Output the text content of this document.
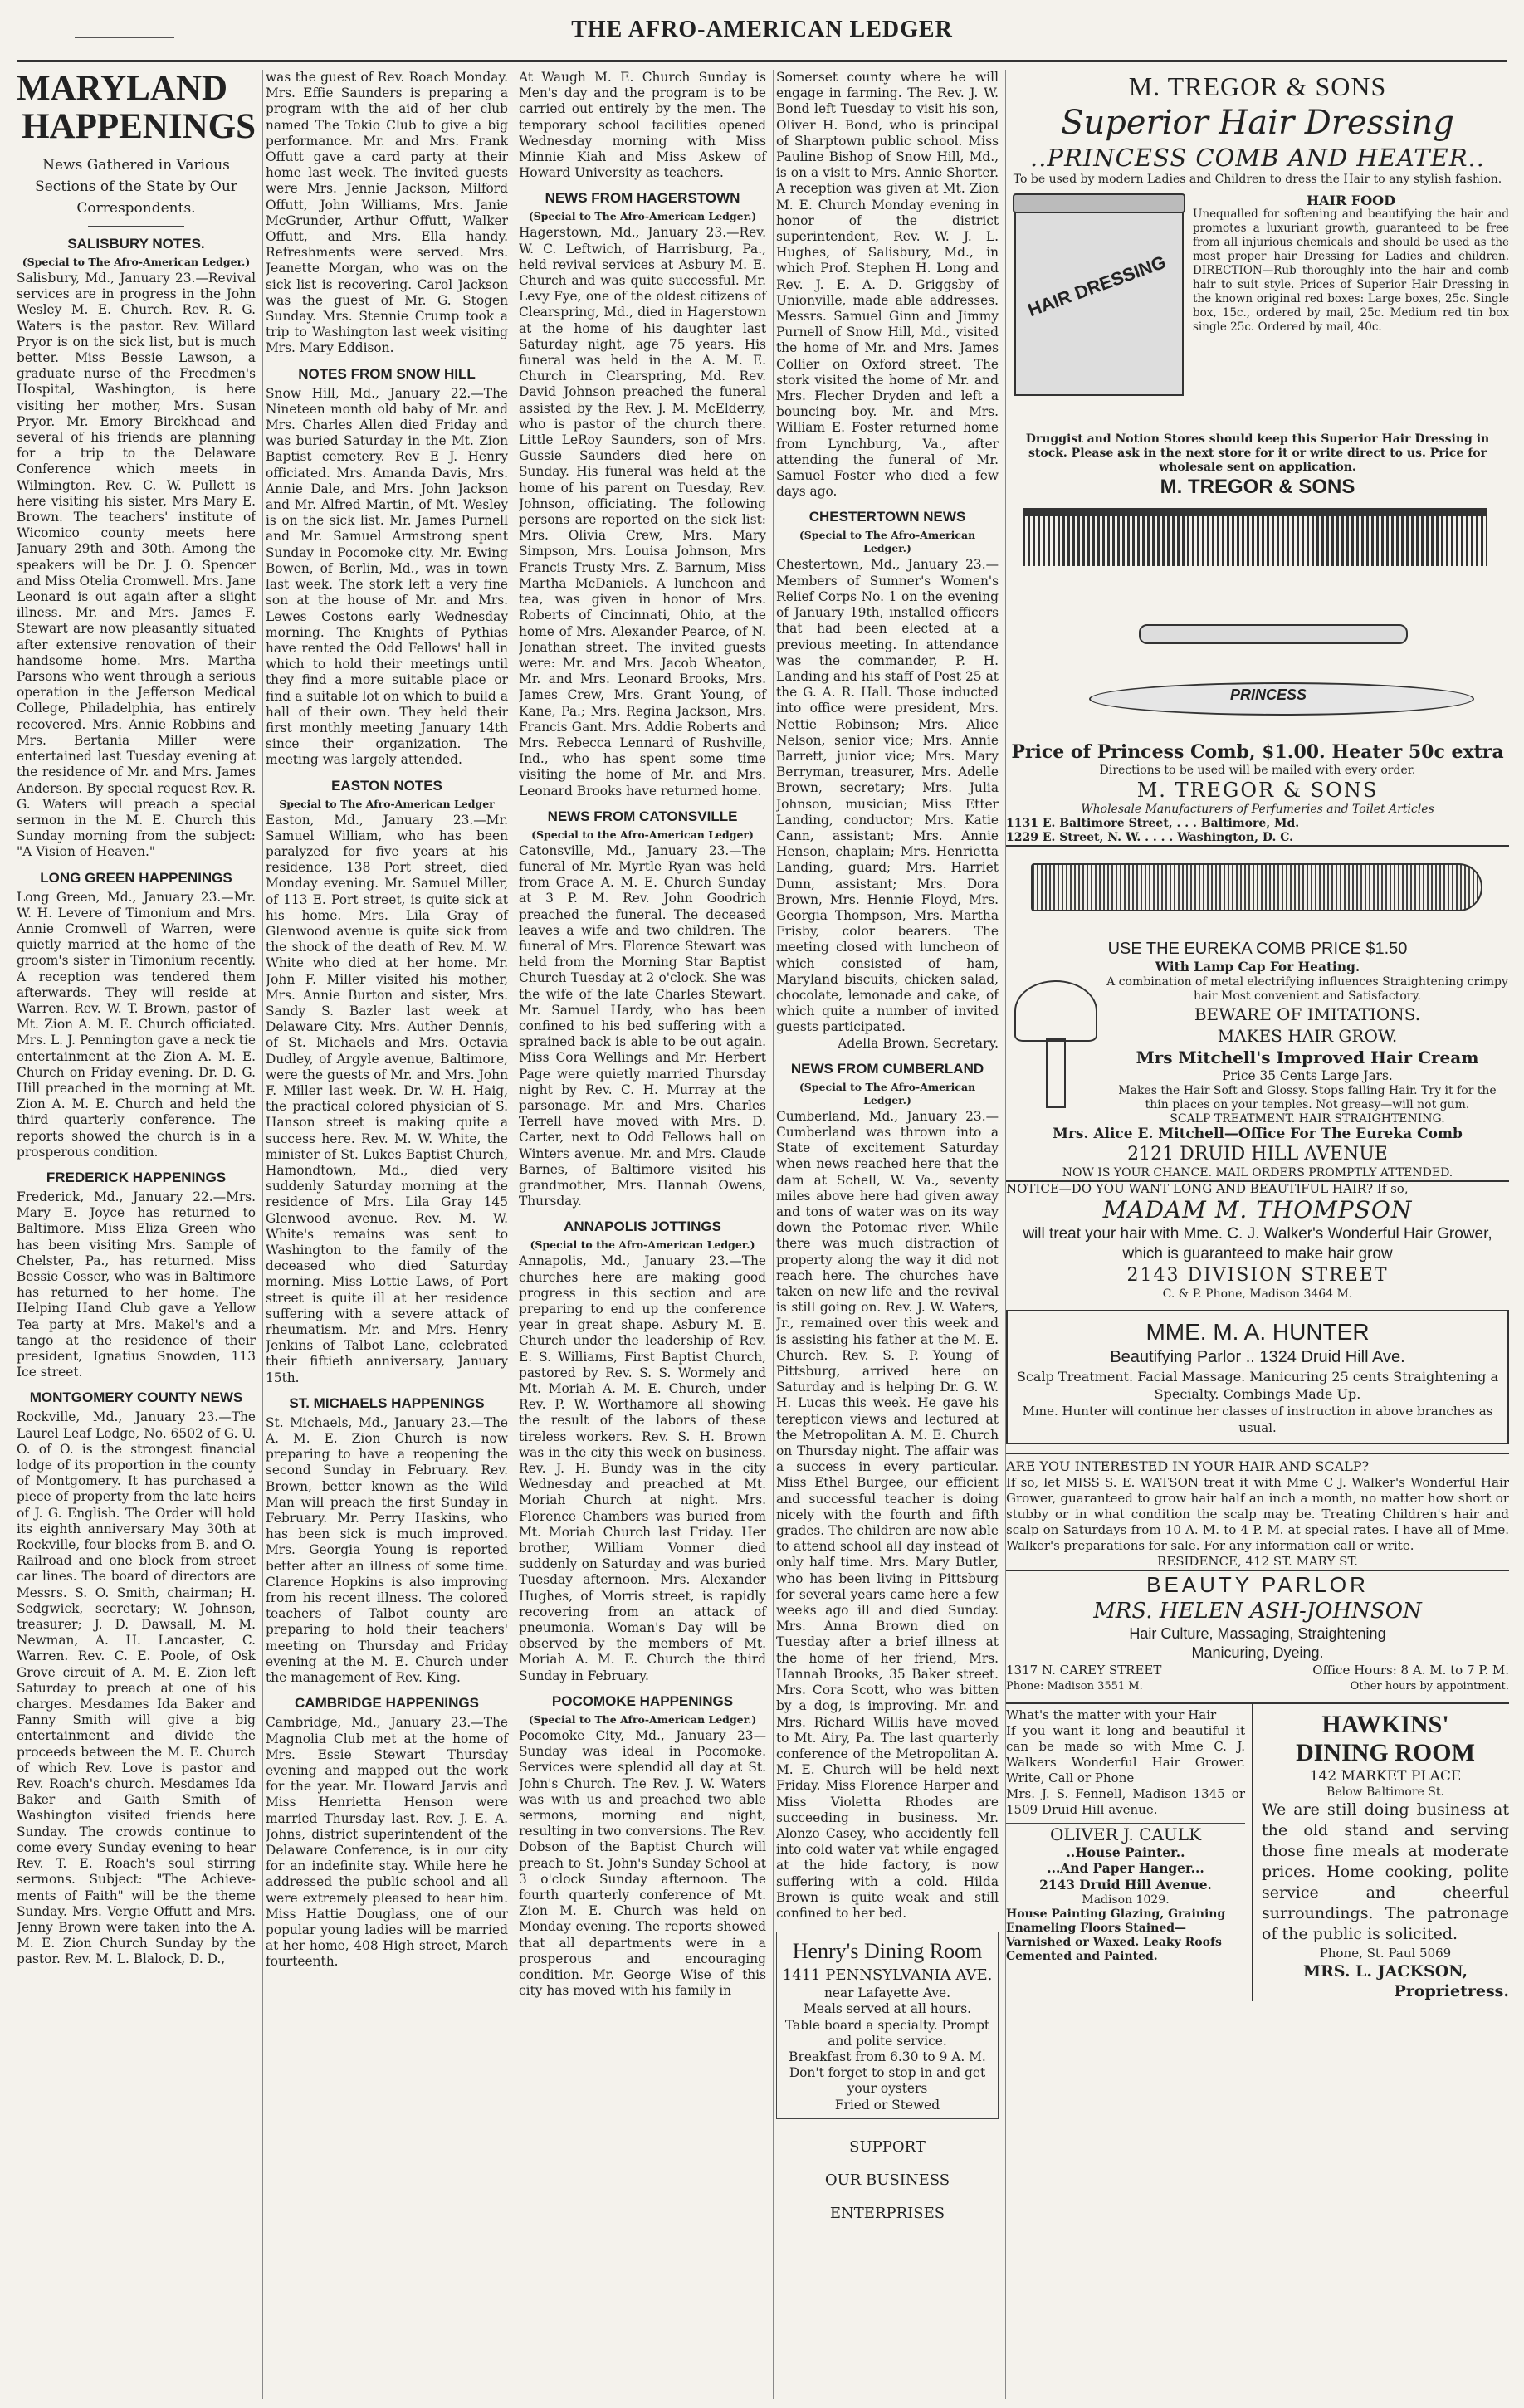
THE AFRO-AMERICAN LEDGER
MARYLAND
HAPPENINGS
News Gathered in Various Sections of the State by Our Correspondents.
SALISBURY NOTES.
(Special to The Afro-American Ledger.)

Salisbury, Md., January 23.—Revival services are in progress in the John Wesley M. E. Church. Rev. R. G. Waters is the pastor. Rev. Willard Pryor is on the sick list, but is much better. Miss Bessie Lawson, a graduate nurse of the Freedmen's Hospital, Washington, is here visiting her mother, Mrs. Susan Pryor. Mr. Emory Birckhead and several of his friends are planning for a trip to the Delaware Conference which meets in Wilmington. Rev. C. W. Pullett is here visiting his sister, Mrs Mary E. Brown. The teachers' institute of Wicomico county meets here January 29th and 30th. Among the speakers will be Dr. J. O. Spencer and Miss Otelia Cromwell. Mrs. Jane Leonard is out again after a slight illness. Mr. and Mrs. James F. Stewart are now pleasantly situated after extensive renovation of their handsome home. Mrs. Martha Parsons who went through a serious operation in the Jefferson Medical College, Philadelphia, has entirely recovered. Mrs. Annie Robbins and Mrs. Bertania Miller were entertained last Tuesday evening at the residence of Mr. and Mrs. James Anderson. By special request Rev. R. G. Waters will preach a special sermon in the M. E. Church this Sunday morning from the subject: "A Vision of Heaven."

LONG GREEN HAPPENINGS

Long Green, Md., January 23.—Mr. W. H. Levere of Timonium and Mrs. Annie Cromwell of Warren, were quietly married at the home of the groom's sister in Timonium recently. A reception was tendered them afterwards. They will reside at Warren. Rev. W. T. Brown, pastor of Mt. Zion A. M. E. Church officiated. Mrs. L. J. Pennington gave a neck tie entertainment at the Zion A. M. E. Church on Friday evening. Dr. D. G. Hill preached in the morning at Mt. Zion A. M. E. Church and held the third quarterly conference. The reports showed the church is in a prosperous condition.

FREDERICK HAPPENINGS

Frederick, Md., January 22.—Mrs. Mary E. Joyce has returned to Baltimore. Miss Eliza Green who has been visiting Mrs. Sample of Chelster, Pa., has returned. Miss Bessie Cosser, who was in Baltimore has returned to her home. The Helping Hand Club gave a Yellow Tea party at Mrs. Makel's and a tango at the residence of their president, Ignatius Snowden, 113 Ice street.

MONTGOMERY COUNTY NEWS

Rockville, Md., January 23.—The Laurel Leaf Lodge, No. 6502 of G. U. O. of O. is the strongest financial lodge of its proportion in the county of Montgomery. It has purchased a piece of property from the late heirs of J. G. English. The Order will hold its eighth anniversary May 30th at Rockville, four blocks from B. and O. Railroad and one block from street car lines. The board of directors are Messrs. S. O. Smith, chairman; H. Sedgwick, secretary; W. Johnson, treasurer; J. D. Dawsall, M. M. Newman, A. H. Lancaster, C. Warren. Rev. C. E. Poole, of Osk Grove circuit of A. M. E. Zion left Saturday to preach at one of his charges. Mesdames Ida Baker and Fanny Smith will give a big entertainment and divide the proceeds between the M. E. Church of which Rev. Love is pastor and Rev. Roach's church. Mesdames Ida Baker and Gaith Smith of Washington visited friends here Sunday. The crowds continue to come every Sunday evening to hear Rev. T. E. Roach's soul stirring sermons. Subject: "The Achieve-ments of Faith" will be the theme Sunday. Mrs. Vergie Offutt and Mrs. Jenny Brown were taken into the A. M. E. Zion Church Sunday by the pastor. Rev. M. L. Blalock, D. D.,

was the guest of Rev. Roach Monday. Mrs. Effie Saunders is preparing a program with the aid of her club named The Tokio Club to give a big performance. Mr. and Mrs. Frank Offutt gave a card party at their home last week. The invited guests were Mrs. Jennie Jackson, Milford Offutt, John Williams, Mrs. Janie McGrunder, Arthur Offutt, Walker Offutt, and Mrs. Ella handy. Refreshments were served. Mrs. Jeanette Morgan, who was on the sick list is recovering. Carol Jackson was the guest of Mr. G. Stogen Sunday. Mrs. Stennie Crump took a trip to Washington last week visiting Mrs. Mary Eddison.

NOTES FROM SNOW HILL

Snow Hill, Md., January 22.—The Nineteen month old baby of Mr. and Mrs. Charles Allen died Friday and was buried Saturday in the Mt. Zion Baptist cemetery. Rev E J. Henry officiated. Mrs. Amanda Davis, Mrs. Annie Dale, and Mrs. John Jackson and Mr. Alfred Martin, of Mt. Wesley is on the sick list. Mr. James Purnell and Mr. Samuel Armstrong spent Sunday in Pocomoke city. Mr. Ewing Bowen, of Berlin, Md., was in town last week. The stork left a very fine son at the house of Mr. and Mrs. Lewes Costons early Wednesday morning. The Knights of Pythias have rented the Odd Fellows' hall in which to hold their meetings until they find a more suitable place or find a suitable lot on which to build a hall of their own. They held their first monthly meeting January 14th since their organization. The meeting was largely attended.

EASTON NOTES
Special to The Afro-American Ledger

Easton, Md., January 23.—Mr. Samuel William, who has been paralyzed for five years at his residence, 138 Port street, died Monday evening. Mr. Samuel Miller, of 113 E. Port street, is quite sick at his home. Mrs. Lila Gray of Glenwood avenue is quite sick from the shock of the death of Rev. M. W. White who died at her home. Mr. John F. Miller visited his mother, Mrs. Annie Burton and sister, Mrs. Sandy S. Bazler last week at Delaware City. Mrs. Auther Dennis, of St. Michaels and Mrs. Octavia Dudley, of Argyle avenue, Baltimore, were the guests of Mr. and Mrs. John F. Miller last week. Dr. W. H. Haig, the practical colored physician of S. Hanson street is making quite a success here. Rev. M. W. White, the minister of St. Lukes Baptist Church, Hamondtown, Md., died very suddenly Saturday morning at the residence of Mrs. Lila Gray 145 Glenwood avenue. Rev. M. W. White's remains was sent to Washington to the family of the deceased who died Saturday morning. Miss Lottie Laws, of Port street is quite ill at her residence suffering with a severe attack of rheumatism. Mr. and Mrs. Henry Jenkins of Talbot Lane, celebrated their fiftieth anniversary, January 15th.

ST. MICHAELS HAPPENINGS

St. Michaels, Md., January 23.—The A. M. E. Zion Church is now preparing to have a reopening the second Sunday in February. Rev. Brown, better known as the Wild Man will preach the first Sunday in February. Mr. Perry Haskins, who has been sick is much improved. Mrs. Georgia Young is reported better after an illness of some time. Clarence Hopkins is also improving from his recent illness. The colored teachers of Talbot county are preparing to hold their teachers' meeting on Thursday and Friday evening at the M. E. Church under the management of Rev. King.

CAMBRIDGE HAPPENINGS

Cambridge, Md., January 23.—The Magnolia Club met at the home of Mrs. Essie Stewart Thursday evening and mapped out the work for the year. Mr. Howard Jarvis and Miss Henrietta Henson were married Thursday last. Rev. J. E. A. Johns, district superintendent of the Delaware Conference, is in our city for an indefinite stay. While here he addressed the public school and all were extremely pleased to hear him. Miss Hattie Douglass, one of our popular young ladies will be married at her home, 408 High street, March fourteenth.

At Waugh M. E. Church Sunday is Men's day and the program is to be carried out entirely by the men. The temporary school facilities opened Wednesday morning with Miss Minnie Kiah and Miss Askew of Howard University as teachers.

NEWS FROM HAGERSTOWN
(Special to The Afro-American Ledger.)

Hagerstown, Md., January 23.—Rev. W. C. Leftwich, of Harrisburg, Pa., held revival services at Asbury M. E. Church and was quite successful. Mr. Levy Fye, one of the oldest citizens of Clearspring, Md., died in Hagerstown at the home of his daughter last Saturday night, age 75 years. His funeral was held in the A. M. E. Church in Clearspring, Md. Rev. David Johnson preached the funeral assisted by the Rev. J. M. McElderry, who is pastor of the church there. Little LeRoy Saunders, son of Mrs. Gussie Saunders died here on Sunday. His funeral was held at the home of his parent on Tuesday, Rev. Johnson, officiating. The following persons are reported on the sick list: Mrs. Olivia Crew, Mrs. Mary Simpson, Mrs. Louisa Johnson, Mrs Francis Trusty Mrs. Z. Barnum, Miss Martha McDaniels. A luncheon and tea, was given in honor of Mrs. Roberts of Cincinnati, Ohio, at the home of Mrs. Alexander Pearce, of N. Jonathan street. The invited guests were: Mr. and Mrs. Jacob Wheaton, Mr. and Mrs. Leonard Brooks, Mrs. James Crew, Mrs. Grant Young, of Kane, Pa.; Mrs. Regina Jackson, Mrs. Francis Gant. Mrs. Addie Roberts and Mrs. Rebecca Lennard of Rushville, Ind., who has spent some time visiting the home of Mr. and Mrs. Leonard Brooks have returned home.

NEWS FROM CATONSVILLE
(Special to the Afro-American Ledger)

Catonsville, Md., January 23.—The funeral of Mr. Myrtle Ryan was held from Grace A. M. E. Church Sunday at 3 P. M. Rev. John Goodrich preached the funeral. The deceased leaves a wife and two children. The funeral of Mrs. Florence Stewart was held from the Morning Star Baptist Church Tuesday at 2 o'clock. She was the wife of the late Charles Stewart. Mr. Samuel Hardy, who has been confined to his bed suffering with a sprained back is able to be out again. Miss Cora Wellings and Mr. Herbert Page were quietly married Thursday night by Rev. C. H. Murray at the parsonage. Mr. and Mrs. Charles Terrell have moved with Mrs. D. Carter, next to Odd Fellows hall on Winters avenue. Mr. and Mrs. Claude Barnes, of Baltimore visited his grandmother, Mrs. Hannah Owens, Thursday.

ANNAPOLIS JOTTINGS
(Special to the Afro-American Ledger.)

Annapolis, Md., January 23.—The churches here are making good progress in this section and are preparing to end up the conference year in great shape. Asbury M. E. Church under the leadership of Rev. E. S. Williams, First Baptist Church, pastored by Rev. S. S. Wormely and Mt. Moriah A. M. E. Church, under Rev. P. W. Worthamore all showing the result of the labors of these tireless workers. Rev. S. H. Brown was in the city this week on business. Rev. J. H. Bundy was in the city Wednesday and preached at Mt. Moriah Church at night. Mrs. Florence Chambers was buried from Mt. Moriah Church last Friday. Her brother, William Vonner died suddenly on Saturday and was buried Tuesday afternoon. Mrs. Alexander Hughes, of Morris street, is rapidly recovering from an attack of pneumonia. Woman's Day will be observed by the members of Mt. Moriah A. M. E. Church the third Sunday in February.

POCOMOKE HAPPENINGS
(Special to The Afro-American Ledger.)

Pocomoke City, Md., January 23—Sunday was ideal in Pocomoke. Services were splendid all day at St. John's Church. The Rev. J. W. Waters was with us and preached two able sermons, morning and night, resulting in two conversions. The Rev. Dobson of the Baptist Church will preach to St. John's Sunday School at 3 o'clock Sunday afternoon. The fourth quarterly conference of Mt. Zion M. E. Church was held on Monday evening. The reports showed that all departments were in a prosperous and encouraging condition. Mr. George Wise of this city has moved with his family in

Somerset county where he will engage in farming. The Rev. J. W. Bond left Tuesday to visit his son, Oliver H. Bond, who is principal of Sharptown public school. Miss Pauline Bishop of Snow Hill, Md., is on a visit to Mrs. Annie Shorter. A reception was given at Mt. Zion M. E. Church Monday evening in honor of the district superintendent, Rev. W. J. L. Hughes, of Salisbury, Md., in which Prof. Stephen H. Long and Rev. J. E. A. D. Griggsby of Unionville, made able addresses. Messrs. Samuel Ginn and Jimmy Purnell of Snow Hill, Md., visited the home of Mr. and Mrs. James Collier on Oxford street. The stork visited the home of Mr. and Mrs. Flecher Dryden and left a bouncing boy. Mr. and Mrs. William E. Foster returned home from Lynchburg, Va., after attending the funeral of Mr. Samuel Foster who died a few days ago.

CHESTERTOWN NEWS
(Special to The Afro-American Ledger.)

Chestertown, Md., January 23.—Members of Sumner's Women's Relief Corps No. 1 on the evening of January 19th, installed officers that had been elected at a previous meeting. In attendance was the commander, P. H. Landing and his staff of Post 25 at the G. A. R. Hall. Those inducted into office were president, Mrs. Nettie Robinson; Mrs. Alice Nelson, senior vice; Mrs. Annie Barrett, junior vice; Mrs. Mary Berryman, treasurer, Mrs. Adelle Brown, secretary; Mrs. Julia Johnson, musician; Miss Etter Landing, conductor; Mrs. Katie Cann, assistant; Mrs. Annie Henson, chaplain; Mrs. Henrietta Landing, guard; Mrs. Harriet Dunn, assistant; Mrs. Dora Brown, Mrs. Hennie Floyd, Mrs. Georgia Thompson, Mrs. Martha Frisby, color bearers. The meeting closed with luncheon of which consisted of ham, Maryland biscuits, chicken salad, chocolate, lemonade and cake, of which quite a number of invited guests participated.

Adella Brown, Secretary.

NEWS FROM CUMBERLAND
(Special to The Afro-American Ledger.)

Cumberland, Md., January 23.—Cumberland was thrown into a State of excitement Saturday when news reached here that the dam at Schell, W. Va., seventy miles above here had given away and tons of water was on its way down the Potomac river. While there was much distraction of property along the way it did not reach here. The churches have taken on new life and the revival is still going on. Rev. J. W. Waters, Jr., remained over this week and is assisting his father at the M. E. Church. Rev. S. P. Young of Pittsburg, arrived here on Saturday and is helping Dr. G. W. H. Lucas this week. He gave his terepticon views and lectured at the Metropolitan A. M. E. Church on Thursday night. The affair was a success in every particular. Miss Ethel Burgee, our efficient and successful teacher is doing nicely with the fourth and fifth grades. The children are now able to attend school all day instead of only half time. Mrs. Mary Butler, who has been living in Pittsburg for several years came here a few weeks ago ill and died Sunday. Mrs. Anna Brown died on Tuesday after a brief illness at the home of her friend, Mrs. Hannah Brooks, 35 Baker street. Mrs. Cora Scott, who was bitten by a dog, is improving. Mr. and Mrs. Richard Willis have moved to Mt. Airy, Pa. The last quarterly conference of the Metropolitan A. M. E. Church will be held next Friday. Miss Florence Harper and Miss Violetta Rhodes are succeeding in business. Mr. Alonzo Casey, who accidently fell into cold water vat while engaged at the hide factory, is now suffering with a cold. Hilda Brown is quite weak and still confined to her bed.

Henry's Dining Room
1411 PENNSYLVANIA AVE.
near Lafayette Ave.
Meals served at all hours.
Table board a specialty. Prompt and polite service.
Breakfast from 6.30 to 9 A. M.
Don't forget to stop in and get your oysters
Fried or Stewed
SUPPORT
OUR BUSINESS
ENTERPRISES
M. TREGOR & SONS
Superior Hair Dressing
..PRINCESS COMB AND HEATER..
To be used by modern Ladies and Children to dress the Hair to any stylish fashion.
HAIR DRESSING
HAIR FOOD
Unequalled for softening and beautifying the hair and promotes a luxuriant growth, guaranteed to be free from all injurious chemicals and should be used as the most proper hair Dressing for Ladies and children. DIRECTION—Rub thoroughly into the hair and comb hair to suit style. Prices of Superior Hair Dressing in the known original red boxes: Large boxes, 25c. Single box, 15c., ordered by mail, 25c. Medium red tin box single 25c. Ordered by mail, 40c.
Druggist and Notion Stores should keep this Superior Hair Dressing in stock. Please ask in the next store for it or write direct to us. Price for wholesale sent on application.
M. TREGOR & SONS
PRINCESS
Price of Princess Comb, $1.00. Heater 50c extra
Directions to be used will be mailed with every order.
M. TREGOR & SONS
Wholesale Manufacturers of Perfumeries and Toilet Articles
1131 E. Baltimore Street, . . . Baltimore, Md.
1229 E. Street, N. W. . . . . Washington, D. C.
USE THE EUREKA COMB PRICE $1.50
With Lamp Cap For Heating.
A combination of metal electrifying influences Straightening crimpy hair Most convenient and Satisfactory.
BEWARE OF IMITATIONS.
MAKES HAIR GROW.
Mrs Mitchell's Improved Hair Cream
Price 35 Cents Large Jars.
Makes the Hair Soft and Glossy. Stops falling Hair. Try it for the thin places on your temples. Not greasy—will not gum.
SCALP TREATMENT. HAIR STRAIGHTENING.
Mrs. Alice E. Mitchell—Office For The Eureka Comb
2121 DRUID HILL AVENUE
NOW IS YOUR CHANCE. MAIL ORDERS PROMPTLY ATTENDED.
NOTICE—DO YOU WANT LONG AND BEAUTIFUL HAIR? If so,
MADAM M. THOMPSON
will treat your hair with Mme. C. J. Walker's Wonderful Hair Grower, which is guaranteed to make hair grow
2143 DIVISION STREET
C. & P. Phone, Madison 3464 M.
MME. M. A. HUNTER
Beautifying Parlor .. 1324 Druid Hill Ave.
Scalp Treatment. Facial Massage. Manicuring 25 cents Straightening a Specialty. Combings Made Up.
Mme. Hunter will continue her classes of instruction in above branches as usual.
ARE YOU INTERESTED IN YOUR HAIR AND SCALP?
If so, let MISS S. E. WATSON treat it with Mme C J. Walker's Wonderful Hair Grower, guaranteed to grow hair half an inch a month, no matter how short or stubby or in what condition the scalp may be. Treating Children's hair and scalp on Saturdays from 10 A. M. to 4 P. M. at special rates. I have all of Mme. Walker's preparations for sale. For any information call or write.
RESIDENCE, 412 ST. MARY ST.
BEAUTY PARLOR
MRS. HELEN ASH-JOHNSON
Hair Culture, Massaging, Straightening
Manicuring, Dyeing.
1317 N. CAREY STREET	Office Hours: 8 A. M. to 7 P. M.
Phone: Madison 3551 M.	Other hours by appointment.
What's the matter with your Hair
If you want it long and beautiful it can be made so with Mme C. J. Walkers Wonderful Hair Grower. Write, Call or Phone
Mrs. J. S. Fennell, Madison 1345 or 1509 Druid Hill avenue.
OLIVER J. CAULK
..House Painter..
...And Paper Hanger...
2143 Druid Hill Avenue.
Madison 1029.
House Painting Glazing, Graining Enameling Floors Stained—Varnished or Waxed. Leaky Roofs Cemented and Painted.
HAWKINS'
DINING ROOM
142 MARKET PLACE
Below Baltimore St.
We are still doing business at the old stand and serving those fine meals at moderate prices. Home cooking, polite service and cheerful surroundings. The patronage of the public is solicited.
Phone, St. Paul 5069
MRS. L. JACKSON,
Proprietress.
